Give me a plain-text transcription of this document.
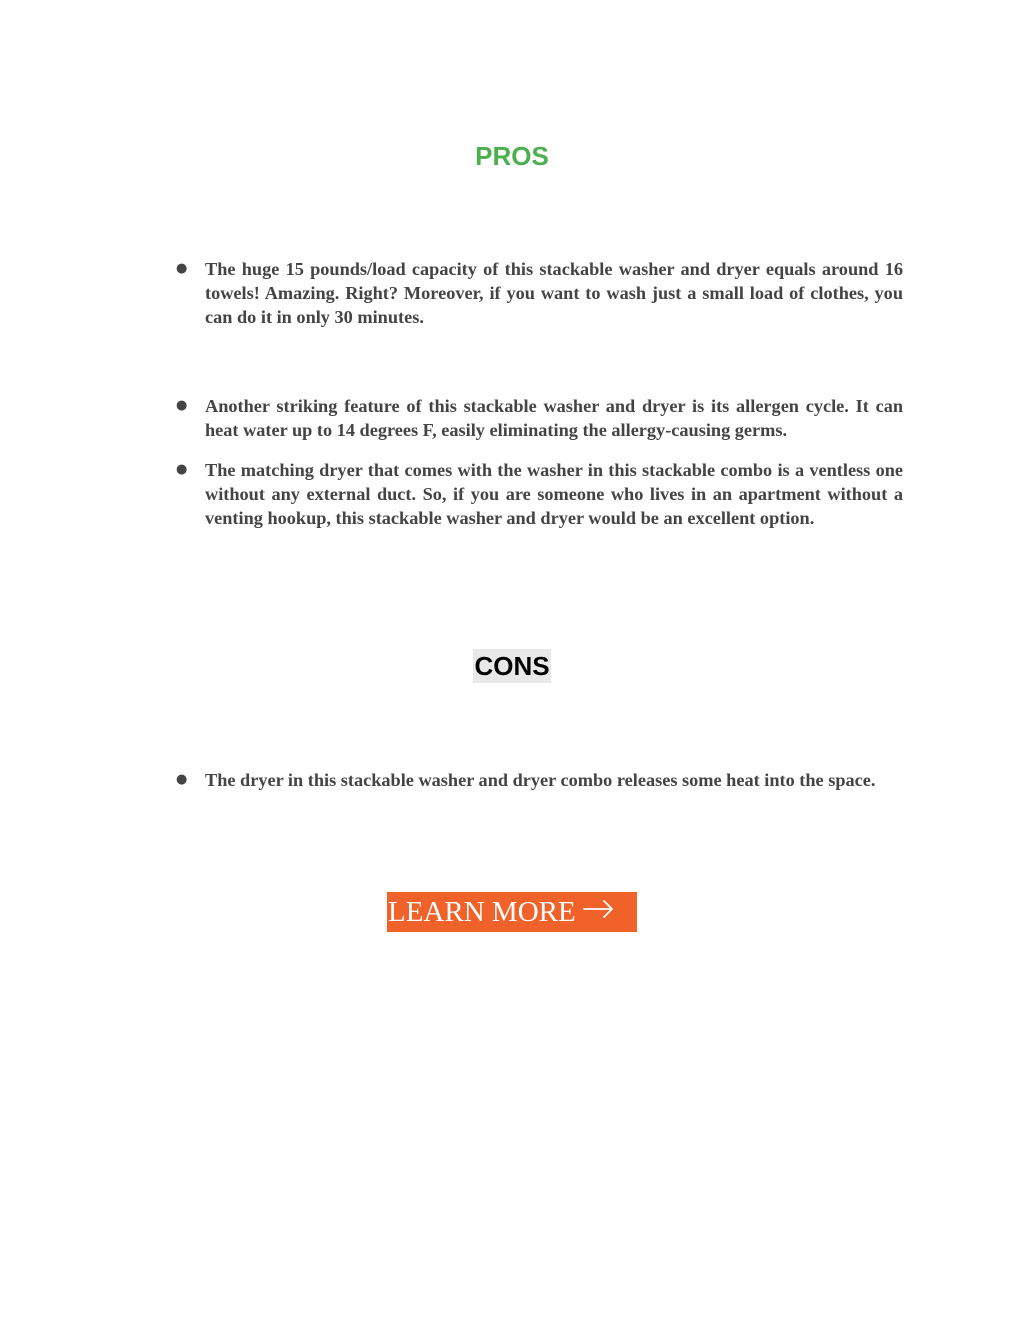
PROS
● The huge 15 pounds/load capacity of this stackable washer and dryer equals around 16 towels! Amazing. Right? Moreover, if you want to wash just a small load of clothes, you can do it in only 30 minutes.
● Another striking feature of this stackable washer and dryer is its allergen cycle. It can heat water up to 14 degrees F, easily eliminating the allergy-causing germs.
● The matching dryer that comes with the washer in this stackable combo is a ventless one without any external duct. So, if you are someone who lives in an apartment without a venting hookup, this stackable washer and dryer would be an excellent option.
CONS
● The dryer in this stackable washer and dryer combo releases some heat into the space.
LEARN MORE
